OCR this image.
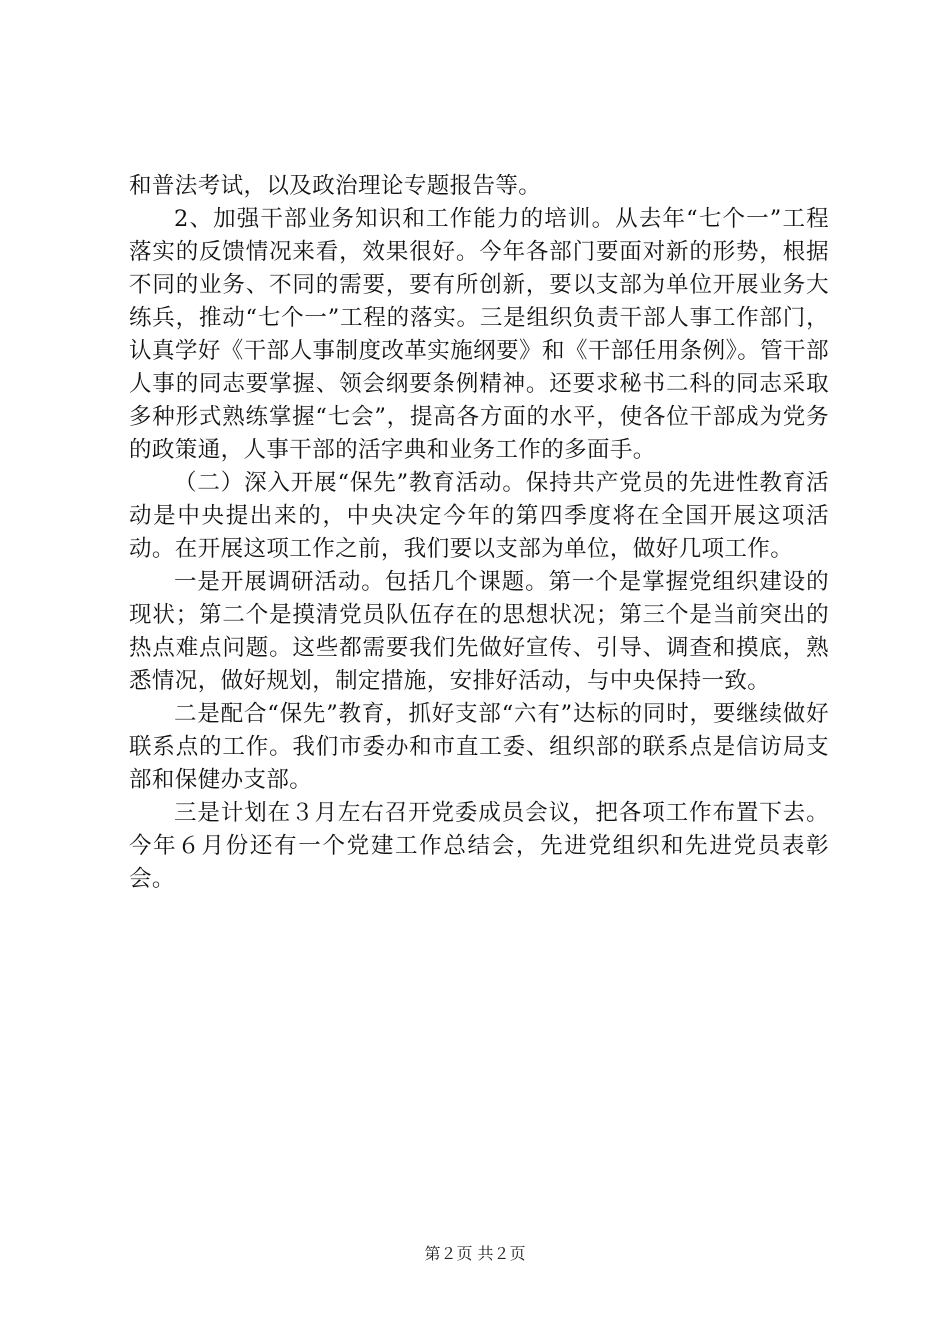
和普法考试，以及政治理论专题报告等。

2、加强干部业务知识和工作能力的培训。从去年“七个一”工程落实的反馈情况来看，效果很好。今年各部门要面对新的形势，根据不同的业务、不同的需要，要有所创新，要以支部为单位开展业务大练兵，推动“七个一”工程的落实。三是组织负责干部人事工作部门，认真学好《干部人事制度改革实施纲要》和《干部任用条例》。管干部人事的同志要掌握、领会纲要条例精神。还要求秘书二科的同志采取多种形式熟练掌握“七会”，提高各方面的水平，使各位干部成为党务的政策通，人事干部的活字典和业务工作的多面手。

（二）深入开展“保先”教育活动。保持共产党员的先进性教育活动是中央提出来的，中央决定今年的第四季度将在全国开展这项活动。在开展这项工作之前，我们要以支部为单位，做好几项工作。

一是开展调研活动。包括几个课题。第一个是掌握党组织建设的现状；第二个是摸清党员队伍存在的思想状况；第三个是当前突出的热点难点问题。这些都需要我们先做好宣传、引导、调查和摸底，熟悉情况，做好规划，制定措施，安排好活动，与中央保持一致。

二是配合“保先”教育，抓好支部“六有”达标的同时，要继续做好联系点的工作。我们市委办和市直工委、组织部的联系点是信访局支部和保健办支部。

三是计划在３月左右召开党委成员会议，把各项工作布置下去。今年６月份还有一个党建工作总结会，先进党组织和先进党员表彰会。

第２页 共２页
